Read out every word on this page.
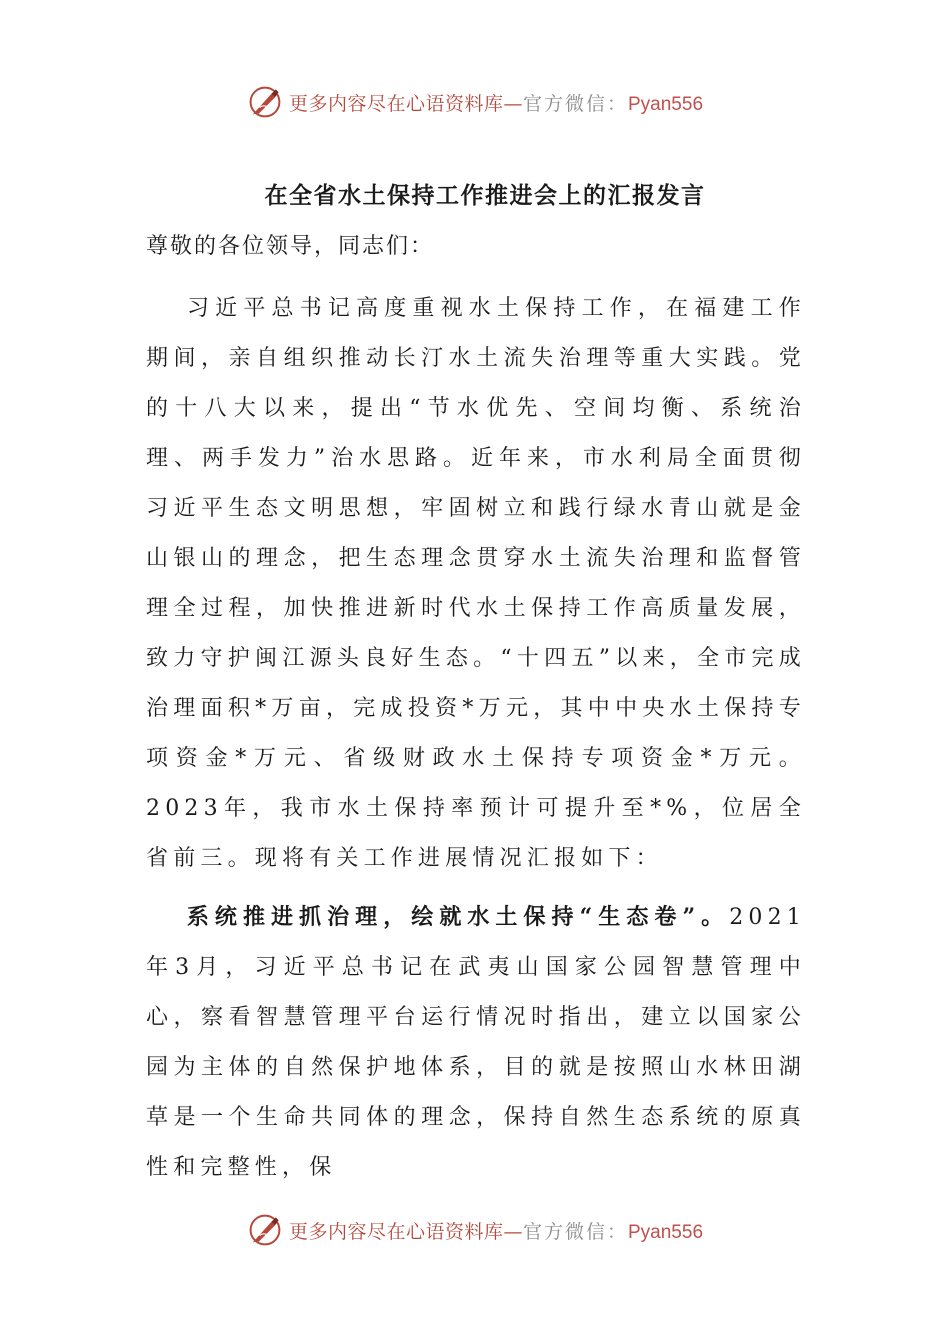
更多内容尽在心语资料库—官方微信：Pyan556
在全省水土保持工作推进会上的汇报发言

尊敬的各位领导，同志们：

习近平总书记高度重视水土保持工作，在福建工作期间，亲自组织推动长汀水土流失治理等重大实践。党的十八大以来，提出“节水优先、空间均衡、系统治理、两手发力”治水思路。近年来，市水利局全面贯彻习近平生态文明思想，牢固树立和践行绿水青山就是金山银山的理念，把生态理念贯穿水土流失治理和监督管理全过程，加快推进新时代水土保持工作高质量发展，致力守护闽江源头良好生态。“十四五”以来，全市完成治理面积*万亩，完成投资*万元，其中中央水土保持专项资金*万元、省级财政水土保持专项资金*万元。2023年，我市水土保持率预计可提升至*%，位居全省前三。现将有关工作进展情况汇报如下：

系统推进抓治理，绘就水土保持“生态卷”。2021年3月，习近平总书记在武夷山国家公园智慧管理中心，察看智慧管理平台运行情况时指出，建立以国家公园为主体的自然保护地体系，目的就是按照山水林田湖草是一个生命共同体的理念，保持自然生态系统的原真性和完整性，保

更多内容尽在心语资料库—官方微信：Pyan556
